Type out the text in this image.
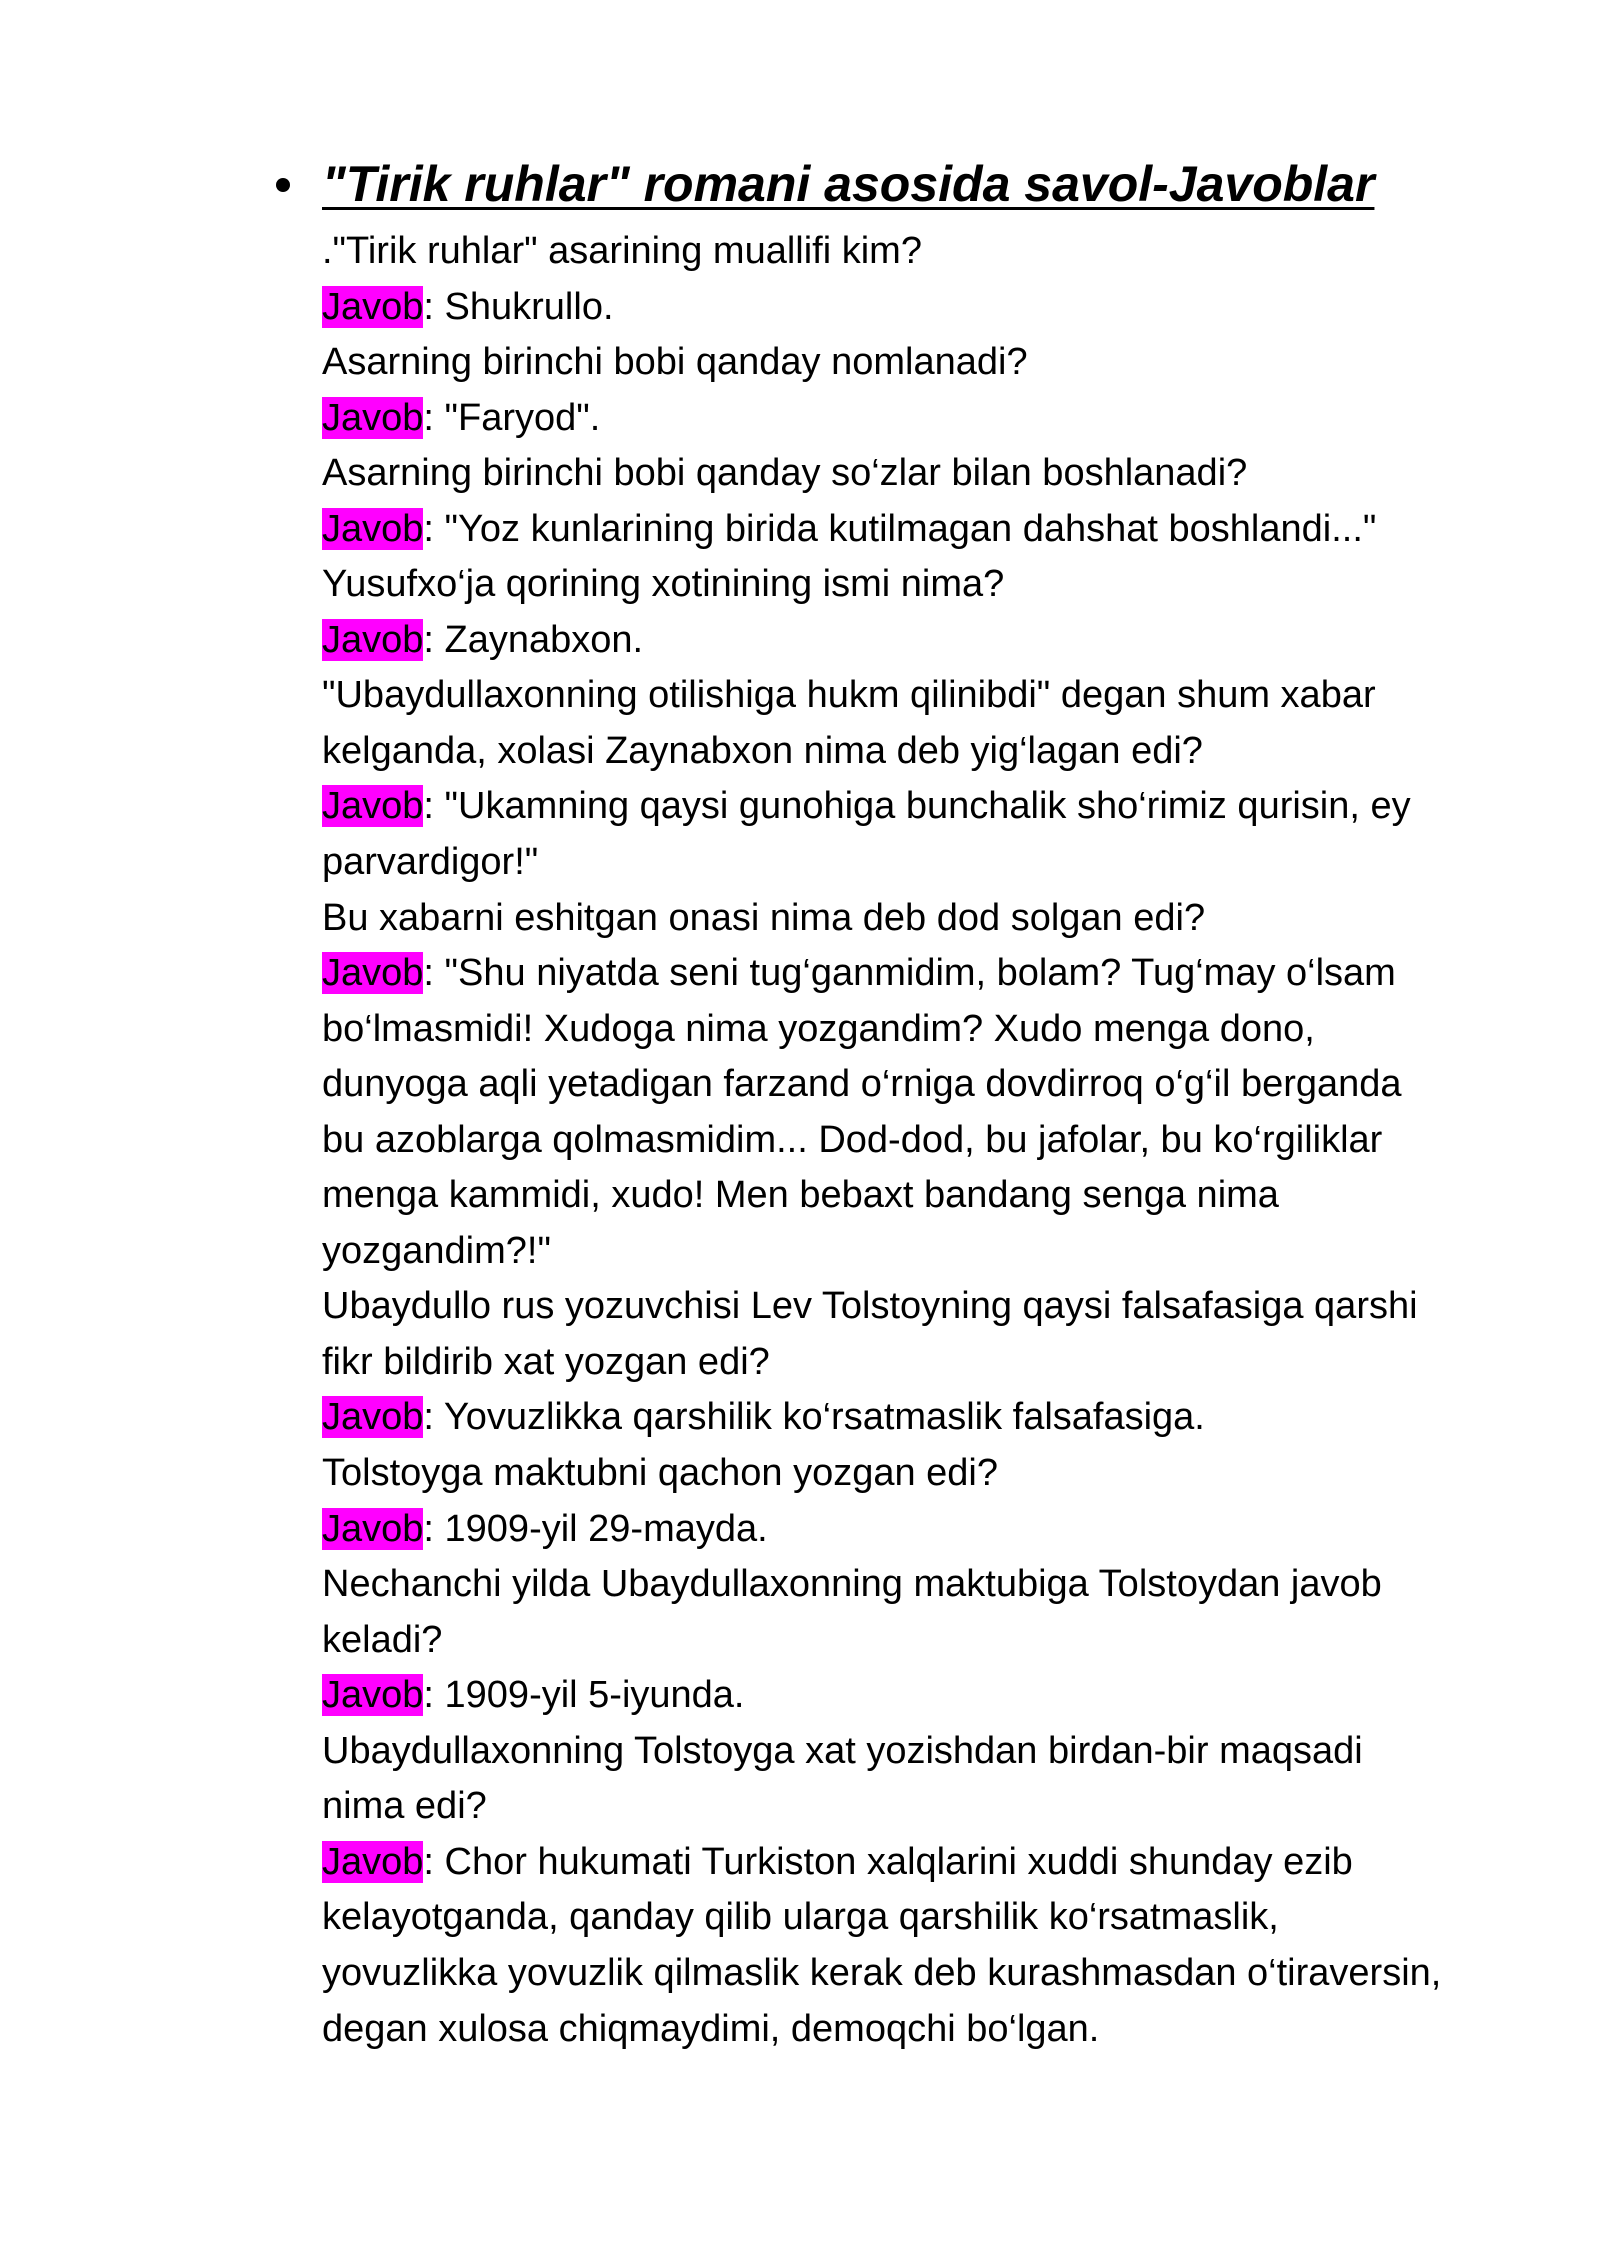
"Tirik ruhlar" romani asosida savol-Javoblar
."Tirik ruhlar" asarining muallifi kim?
Javob: Shukrullo.
Asarning birinchi bobi qanday nomlanadi?
Javob: "Faryod".
Asarning birinchi bobi qanday so‘zlar bilan boshlanadi?
Javob: "Yoz kunlarining birida kutilmagan dahshat boshlandi..."
Yusufxo‘ja qorining xotinining ismi nima?
Javob: Zaynabxon.
"Ubaydullaxonning otilishiga hukm qilinibdi" degan shum xabar
kelganda, xolasi Zaynabxon nima deb yig‘lagan edi?
Javob: "Ukamning qaysi gunohiga bunchalik sho‘rimiz qurisin, ey
parvardigor!"
Bu xabarni eshitgan onasi nima deb dod solgan edi?
Javob: "Shu niyatda seni tug‘ganmidim, bolam? Tug‘may o‘lsam
bo‘lmasmidi! Xudoga nima yozgandim? Xudo menga dono,
dunyoga aqli yetadigan farzand o‘rniga dovdirroq o‘g‘il berganda
bu azoblarga qolmasmidim... Dod-dod, bu jafolar, bu ko‘rgiliklar
menga kammidi, xudo! Men bebaxt bandang senga nima
yozgandim?!"
Ubaydullo rus yozuvchisi Lev Tolstoyning qaysi falsafasiga qarshi
fikr bildirib xat yozgan edi?
Javob: Yovuzlikka qarshilik ko‘rsatmaslik falsafasiga.
Tolstoyga maktubni qachon yozgan edi?
Javob: 1909-yil 29-mayda.
Nechanchi yilda Ubaydullaxonning maktubiga Tolstoydan javob
keladi?
Javob: 1909-yil 5-iyunda.
Ubaydullaxonning Tolstoyga xat yozishdan birdan-bir maqsadi
nima edi?
Javob: Chor hukumati Turkiston xalqlarini xuddi shunday ezib
kelayotganda, qanday qilib ularga qarshilik ko‘rsatmaslik,
yovuzlikka yovuzlik qilmaslik kerak deb kurashmasdan o‘tiraversin,
degan xulosa chiqmaydimi, demoqchi bo‘lgan.
